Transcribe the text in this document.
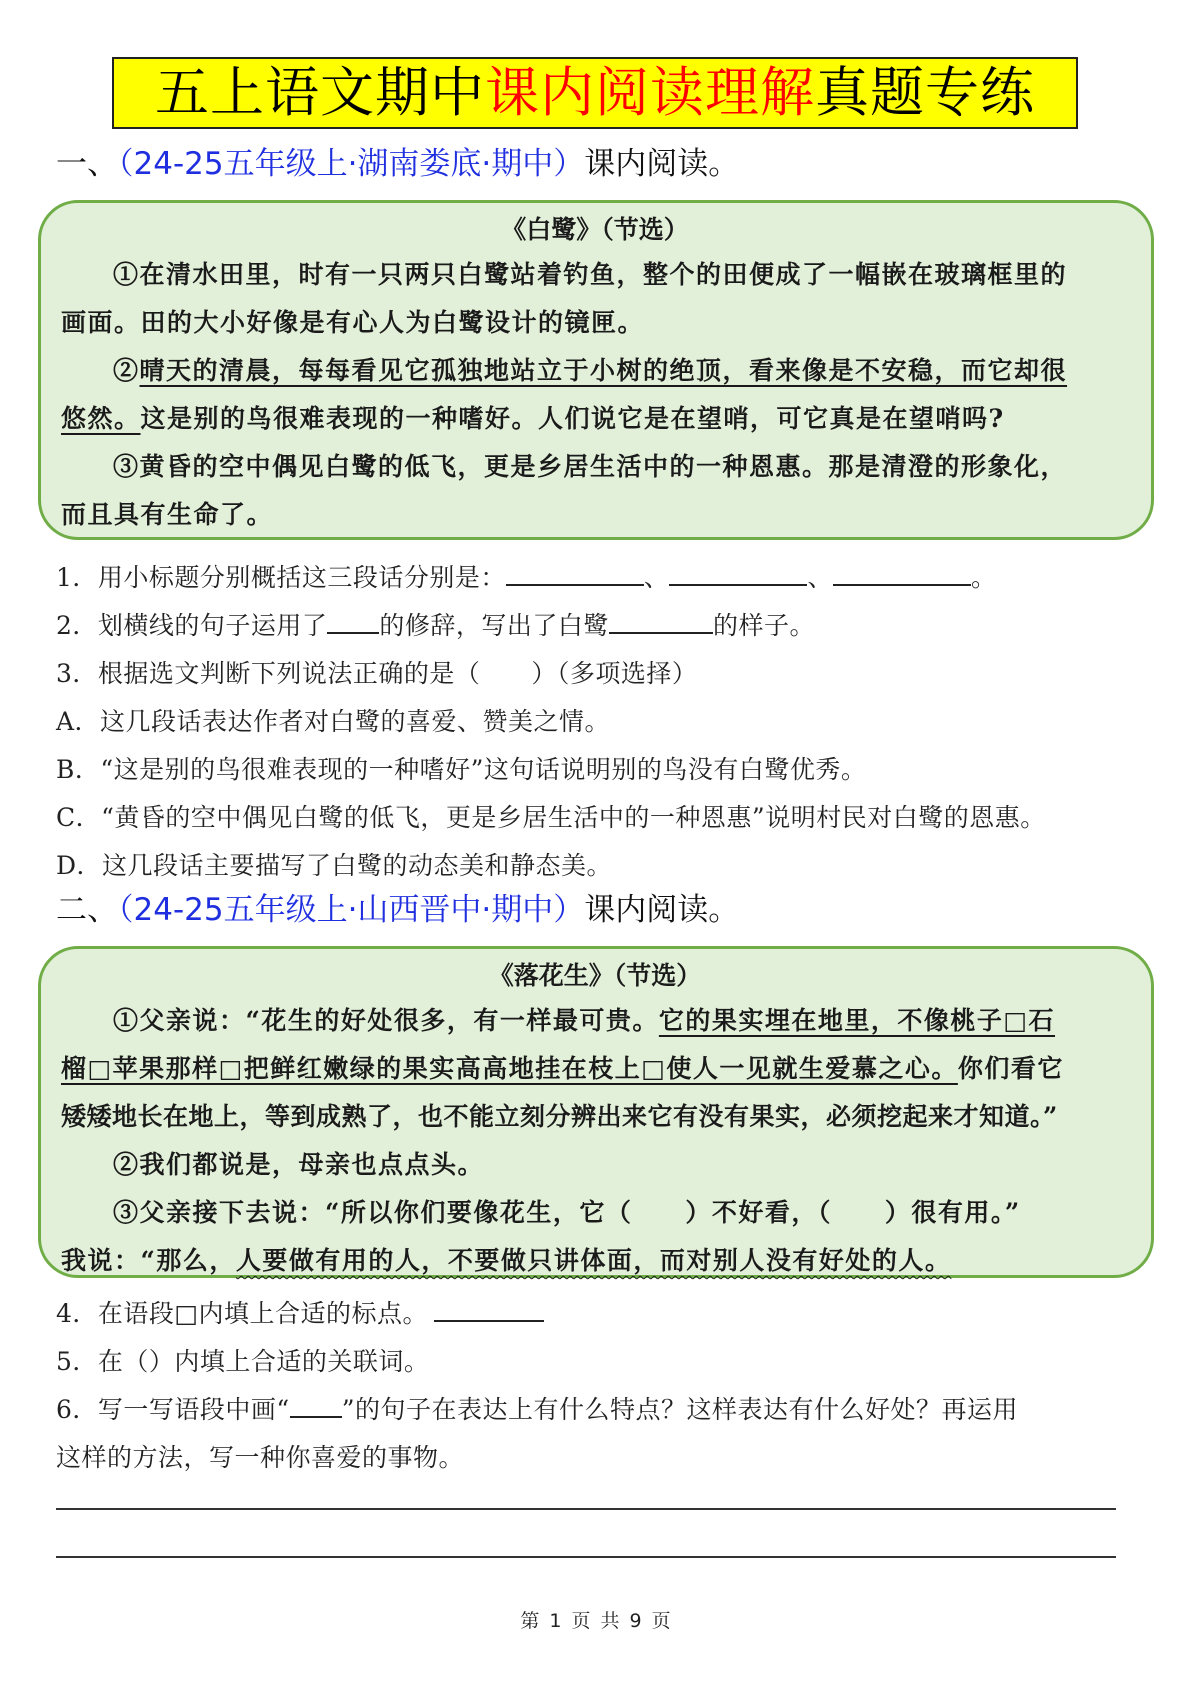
五上语文期中 课内阅读理解 真题专练
一、（24-25五年级上·湖南娄底·期中）课内阅读。
《白鹭》（节选）

①在清水田里，时有一只两只白鹭站着钓鱼，整个的田便成了一幅嵌在玻璃框里的

画面。田的大小好像是有心人为白鹭设计的镜匣。

②晴天的清晨，每每看见它孤独地站立于小树的绝顶，看来像是不安稳，而它却很

悠然。这是别的鸟很难表现的一种嗜好。人们说它是在望哨，可它真是在望哨吗?

③黄昏的空中偶见白鹭的低飞，更是乡居生活中的一种恩惠。那是清澄的形象化，

而且具有生命了。

1．用小标题分别概括这三段话分别是：	、	、	。
2．划横线的句子运用了 的修辞，写出了白鹭	的样子。
3．根据选文判断下列说法正确的是（　　）（多项选择）
A．这几段话表达作者对白鹭的喜爱、赞美之情。
B．“这是别的鸟很难表现的一种嗜好”这句话说明别的鸟没有白鹭优秀。
C．“黄昏的空中偶见白鹭的低飞，更是乡居生活中的一种恩惠”说明村民对白鹭的恩惠。
D．这几段话主要描写了白鹭的动态美和静态美。
二、（24-25五年级上·山西晋中·期中）课内阅读。
《落花生》（节选）

①父亲说：“花生的好处很多，有一样最可贵。它的果实埋在地里，不像桃子□石

榴□苹果那样□把鲜红嫩绿的果实高高地挂在枝上□使人一见就生爱慕之心。你们看它

矮矮地长在地上，等到成熟了，也不能立刻分辨出来它有没有果实，必须挖起来才知道。”

②我们都说是，母亲也点点头。

③父亲接下去说：“所以你们要像花生，它（　　）不好看，（　　）很有用。”

我说：“那么，人要做有用的人，不要做只讲体面，而对别人没有好处的人。

4．在语段□内填上合适的标点。
5．在（）内填上合适的关联词。
6．写一写语段中画“ ”的句子在表达上有什么特点？这样表达有什么好处？再运用
这样的方法，写一种你喜爱的事物。
第 1 页 共 9 页
